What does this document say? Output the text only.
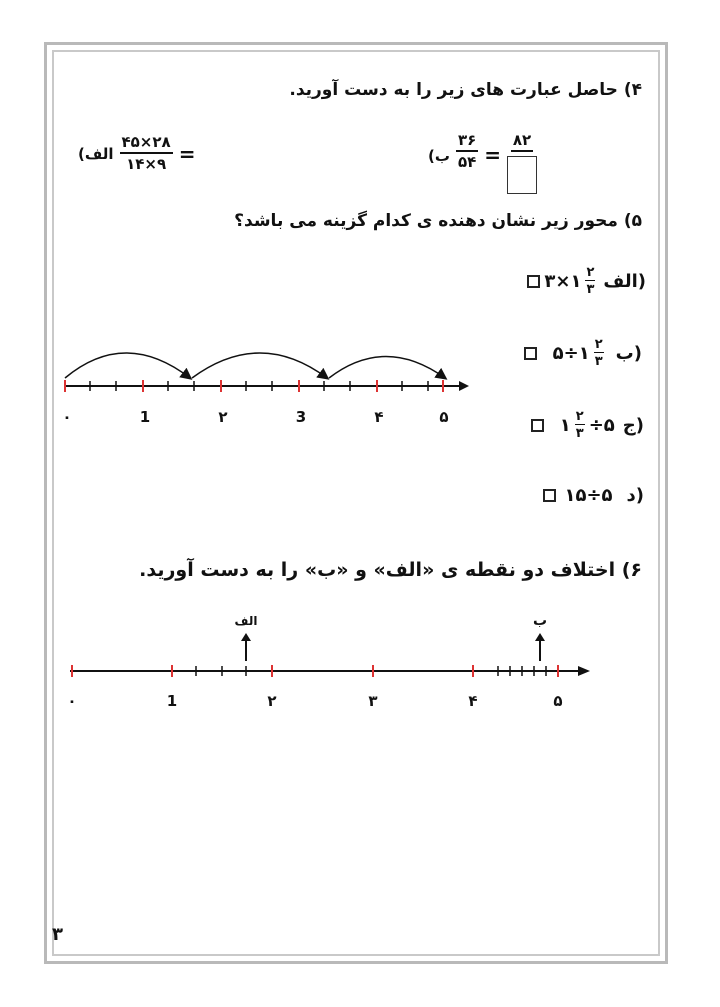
۴) حاصل عبارت های زیر را به دست آورید.
=
$\frac{۴۵\times ۲۸}{۱۴\times ۹}$
(الف	(ب $\frac{۳۶}{۵۴}$ =
۸۲
۵) محور زیر نشان دهنده ی کدام گزینه می باشد؟
۰	1	۲	3	۴	۵
۳×۱ $\frac{۲}{۳}$ الف)
۵÷۱ $\frac{۲}{۳}$ ب)
۱ $\frac{۲}{۳}$ ÷۵ ج)
۱۵÷۵ د)
۶) اختلاف دو نقطه ی «الف» و «ب» را به دست آورید.
الف	ب
۰	1	۲	۳	۴	۵
۳
